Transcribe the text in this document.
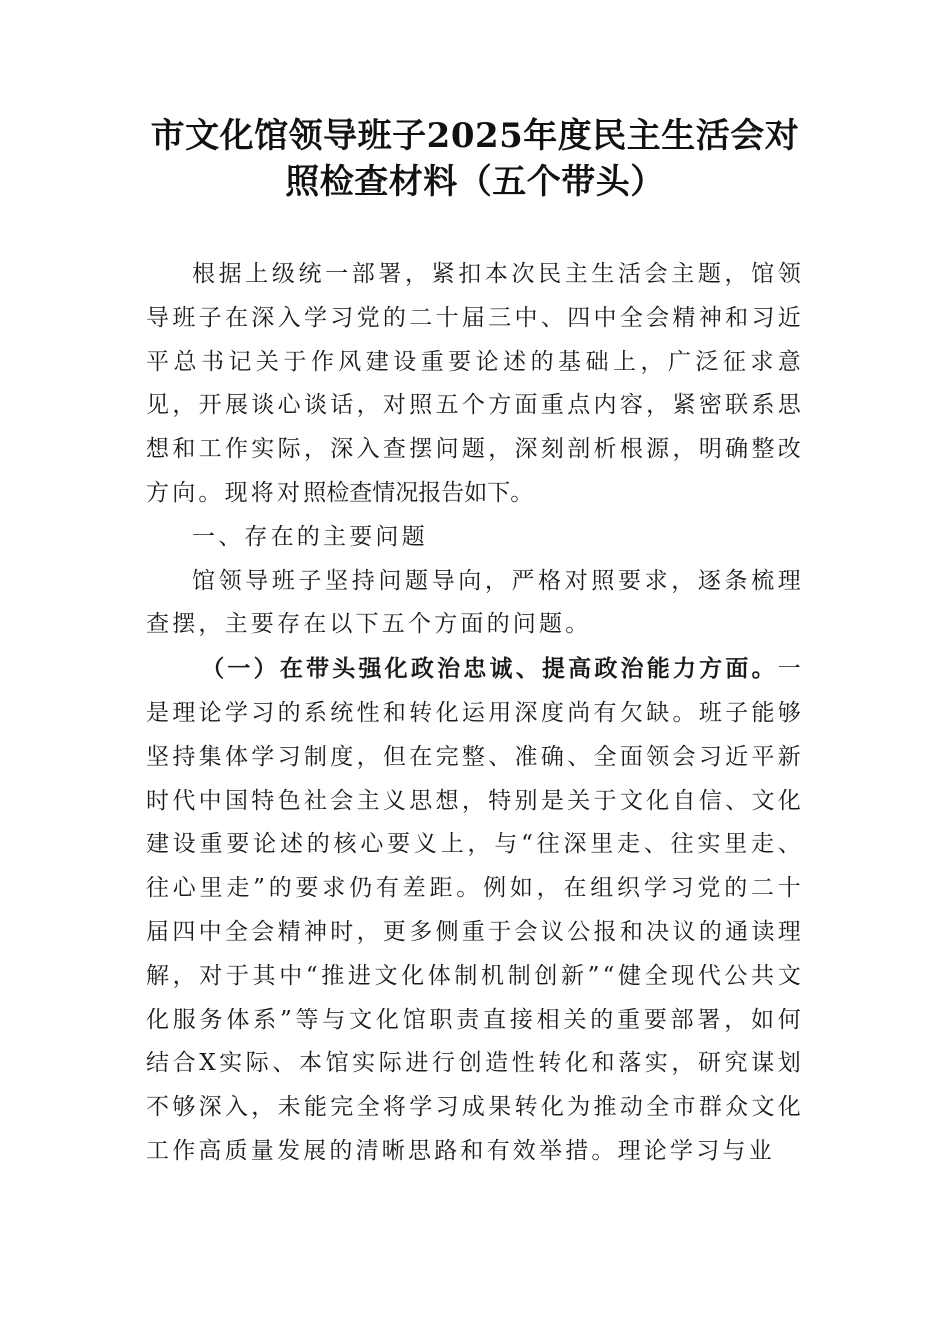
市文化馆领导班子2025年度民主生活会对
照检查材料（五个带头）

根据上级统一部署，紧扣本次民主生活会主题，馆领导班子在深入学习党的二十届三中、四中全会精神和习近平总书记关于作风建设重要论述的基础上，广泛征求意见，开展谈心谈话，对照五个方面重点内容，紧密联系思想和工作实际，深入查摆问题，深刻剖析根源，明确整改方向。现将对照检查情况报告如下。

一、存在的主要问题

馆领导班子坚持问题导向，严格对照要求，逐条梳理查摆，主要存在以下五个方面的问题。

（一）在带头强化政治忠诚、提高政治能力方面。一是理论学习的系统性和转化运用深度尚有欠缺。班子能够坚持集体学习制度，但在完整、准确、全面领会习近平新时代中国特色社会主义思想，特别是关于文化自信、文化建设重要论述的核心要义上，与“往深里走、往实里走、往心里走”的要求仍有差距。例如，在组织学习党的二十届四中全会精神时，更多侧重于会议公报和决议的通读理解，对于其中“推进文化体制机制创新”“健全现代公共文化服务体系”等与文化馆职责直接相关的重要部署，如何结合X实际、本馆实际进行创造性转化和落实，研究谋划不够深入，未能完全将学习成果转化为推动全市群众文化工作高质量发展的清晰思路和有效举措。理论学习与业
